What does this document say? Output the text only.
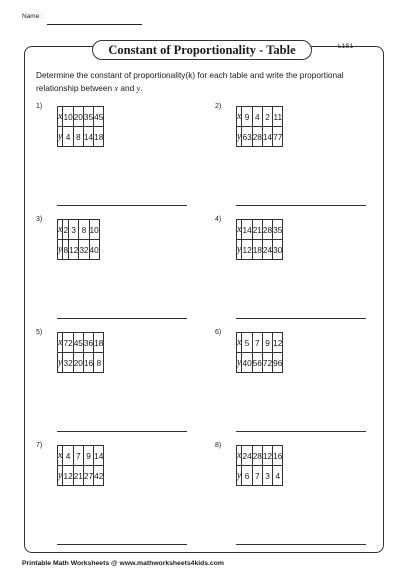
Name :
Constant of Proportionality - Table	L1S1
Determine the constant of proportionality(k) for each table and write the proportional relationship between x and y.
1)
x	10	20	35	45
y	4	8	14	18
2)
x	9	4	2	11
y	63	28	14	77
3)
x	2	3	8	10
y	8	12	32	40
4)
x	14	21	28	35
y	12	18	24	30
5)
x	72	45	36	18
y	32	20	16	8
6)
x	5	7	9	12
y	40	56	72	96
7)
x	4	7	9	14
y	12	21	27	42
8)
x	24	28	12	16
y	6	7	3	4
Printable Math Worksheets @ www.mathworksheets4kids.com
